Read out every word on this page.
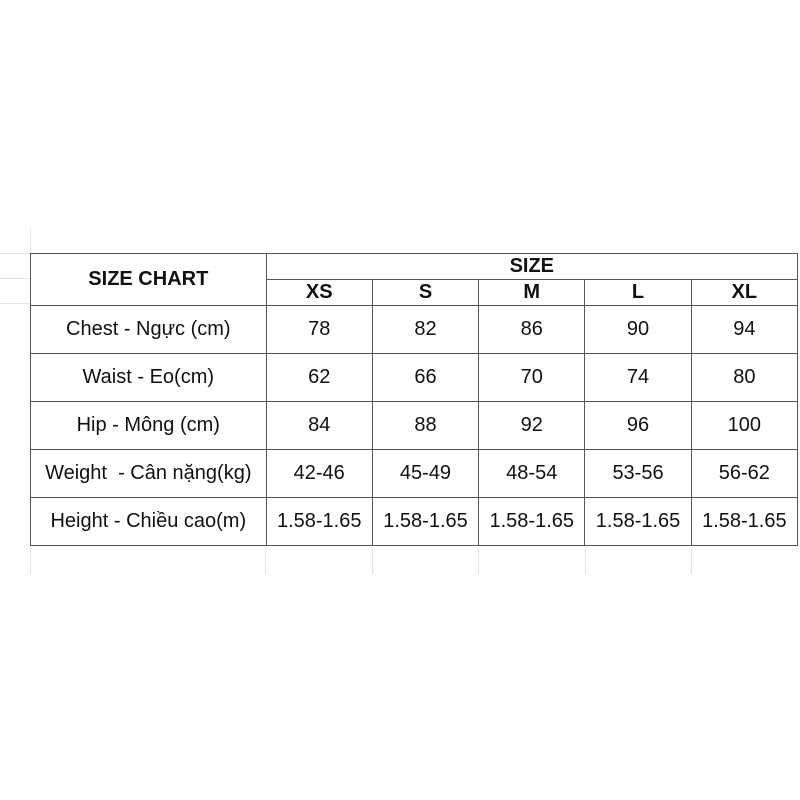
SIZE CHART	SIZE				
	XS	S	M	L	XL
Chest - Ngực (cm)	78	82	86	90	94
Waist - Eo(cm)	62	66	70	74	80
Hip - Mông (cm)	84	88	92	96	100
Weight  - Cân nặng(kg)	42-46	45-49	48-54	53-56	56-62
Height - Chiều cao(m)	1.58-1.65	1.58-1.65	1.58-1.65	1.58-1.65	1.58-1.65
